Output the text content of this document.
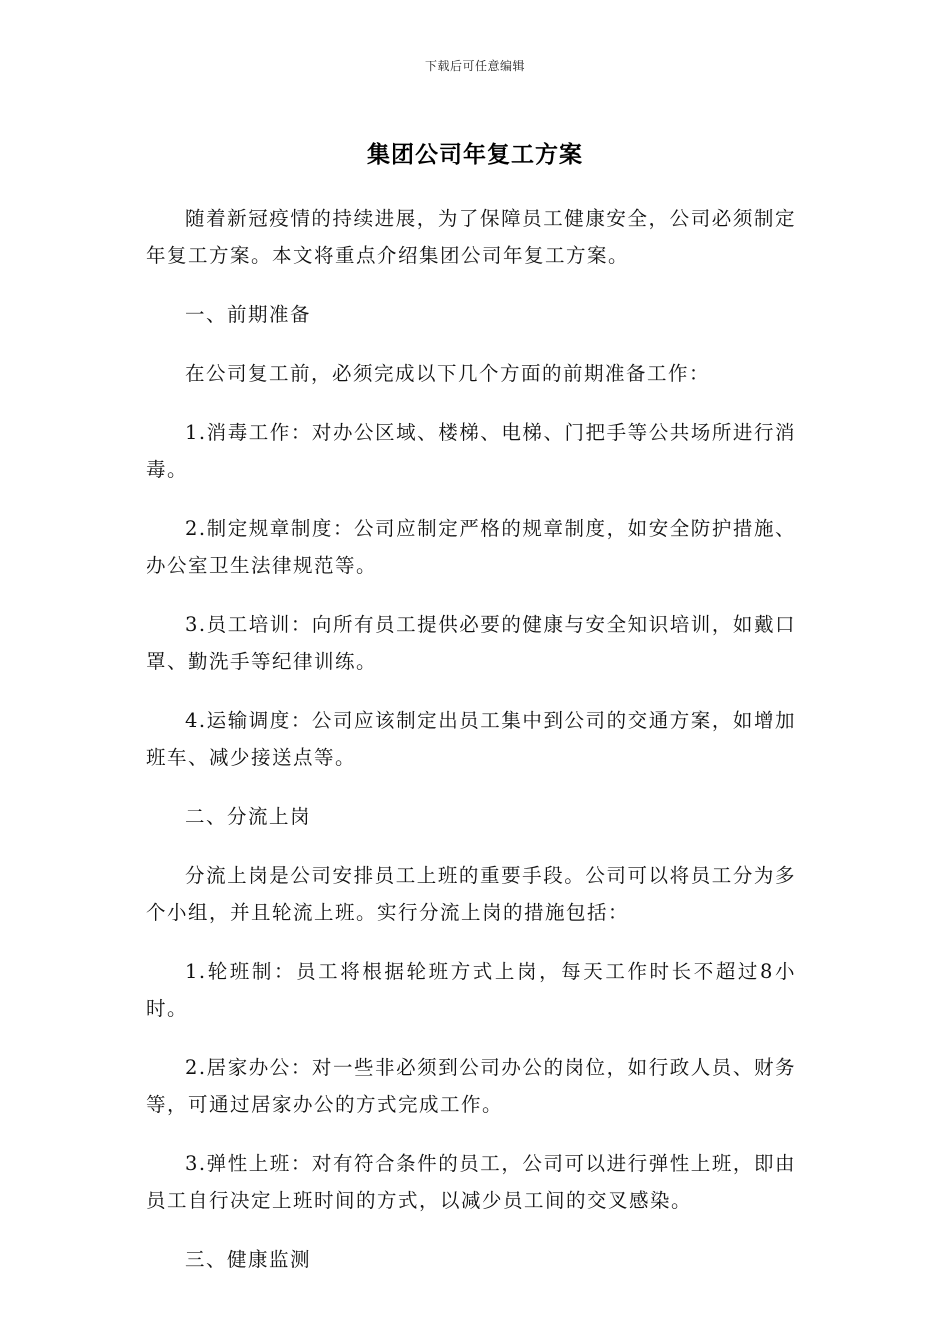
下载后可任意编辑
集团公司年复工方案

随着新冠疫情的持续进展，为了保障员工健康安全，公司必须制定年复工方案。本文将重点介绍集团公司年复工方案。

一、前期准备

在公司复工前，必须完成以下几个方面的前期准备工作：

1.消毒工作：对办公区域、楼梯、电梯、门把手等公共场所进行消毒。

2.制定规章制度：公司应制定严格的规章制度，如安全防护措施、办公室卫生法律规范等。

3.员工培训：向所有员工提供必要的健康与安全知识培训，如戴口罩、勤洗手等纪律训练。

4.运输调度：公司应该制定出员工集中到公司的交通方案，如增加班车、减少接送点等。

二、分流上岗

分流上岗是公司安排员工上班的重要手段。公司可以将员工分为多个小组，并且轮流上班。实行分流上岗的措施包括：

1.轮班制：员工将根据轮班方式上岗，每天工作时长不超过8小时。

2.居家办公：对一些非必须到公司办公的岗位，如行政人员、财务等，可通过居家办公的方式完成工作。

3.弹性上班：对有符合条件的员工，公司可以进行弹性上班，即由员工自行决定上班时间的方式，以减少员工间的交叉感染。

三、健康监测
